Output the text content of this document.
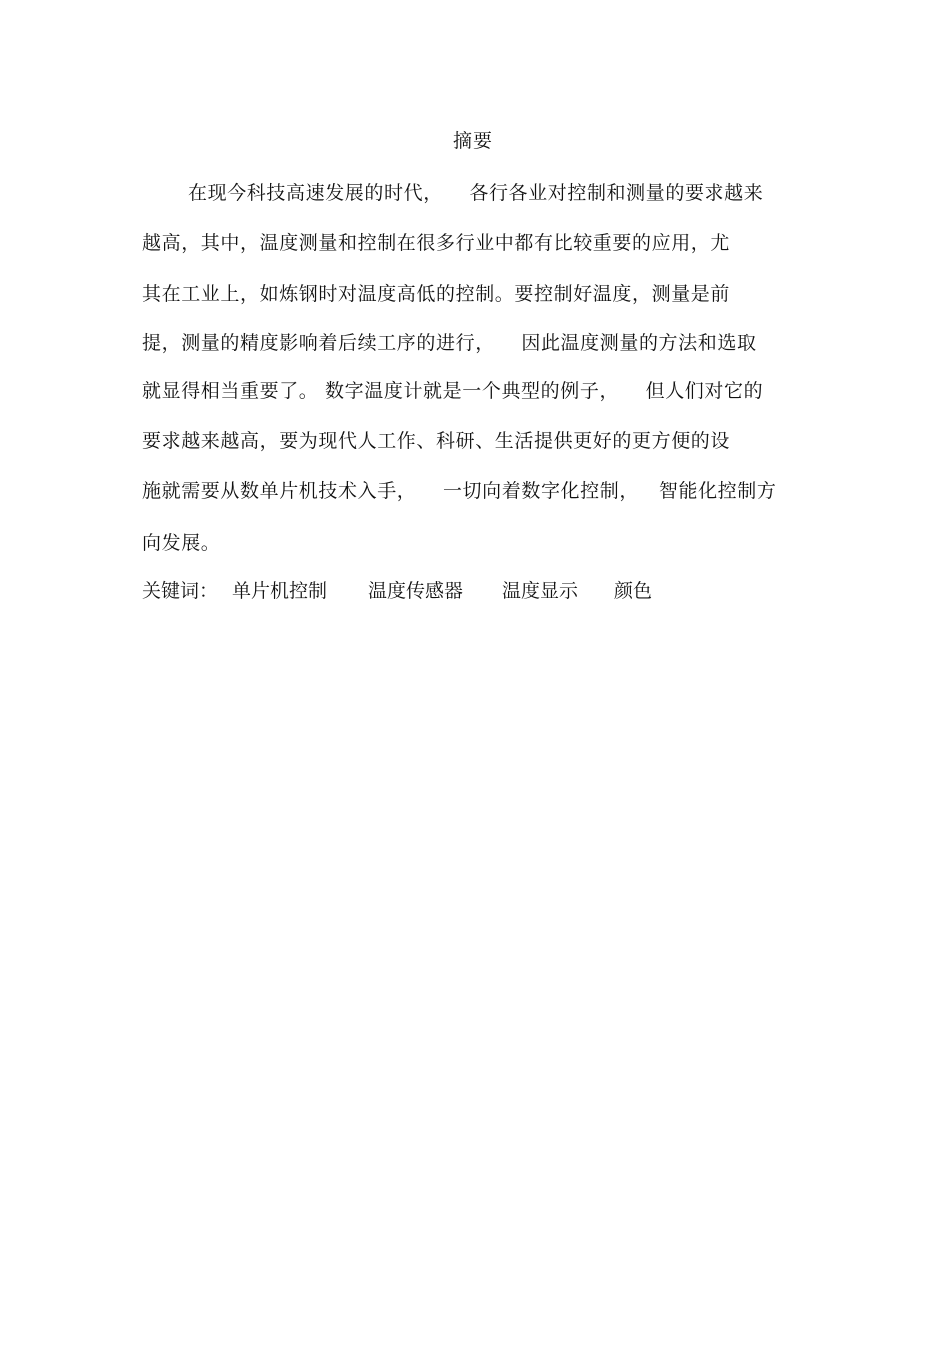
摘要
在现今科技高速发展的时代，    各行各业对控制和测量的要求越来
越高，其中，温度测量和控制在很多行业中都有比较重要的应用，尤
其在工业上，如炼钢时对温度高低的控制。要控制好温度，测量是前
提，测量的精度影响着后续工序的进行，    因此温度测量的方法和选取
就显得相当重要了。 数字温度计就是一个典型的例子，    但人们对它的
要求越来越高，要为现代人工作、科研、生活提供更好的更方便的设
施就需要从数单片机技术入手，    一切向着数字化控制，   智能化控制方
向发展。

关键词：

单片机控制

温度传感器

温度显示

颜色
